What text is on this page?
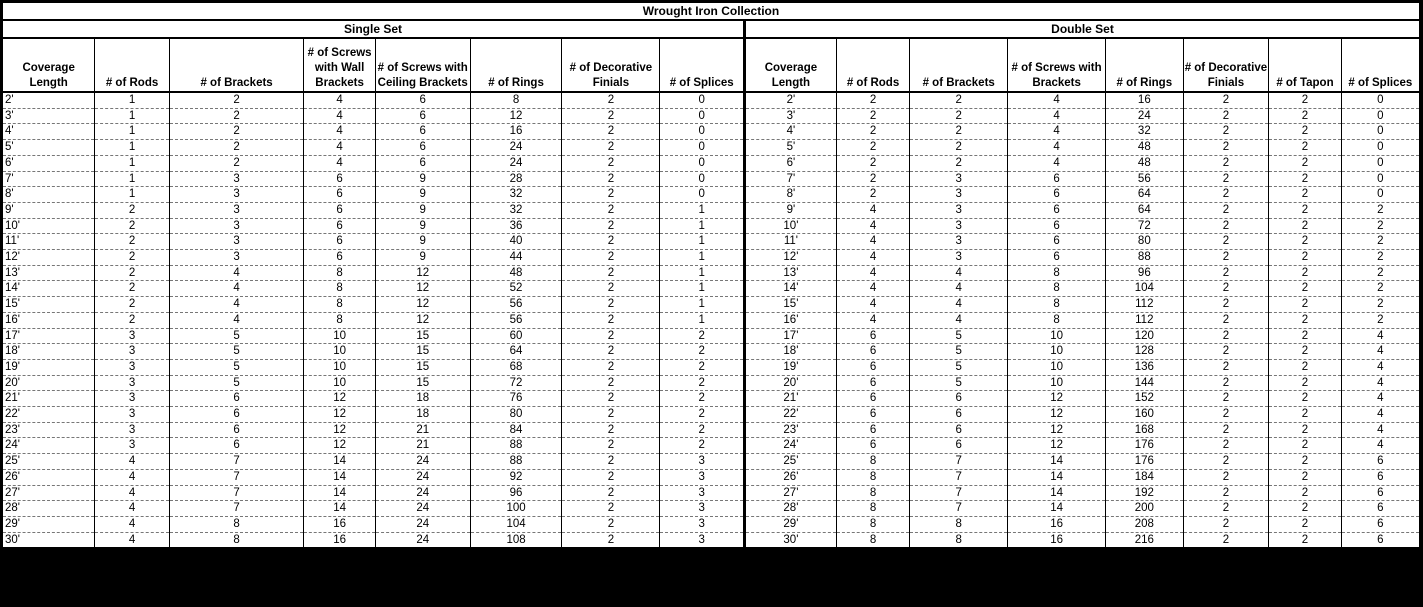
Wrought Iron Collection															
Single Set								Double Set							
Coverage Length	# of Rods	# of Brackets	# of Screws with Wall Brackets	# of Screws with Ceiling Brackets	# of Rings	# of Decorative Finials	# of Splices	Coverage Length	# of Rods	# of Brackets	# of Screws with Brackets	# of Rings	# of Decorative Finials	# of Tapon	# of Splices
2'	1	2	4	6	8	2	0	2'	2	2	4	16	2	2	0
3'	1	2	4	6	12	2	0	3'	2	2	4	24	2	2	0
4'	1	2	4	6	16	2	0	4'	2	2	4	32	2	2	0
5'	1	2	4	6	24	2	0	5'	2	2	4	48	2	2	0
6'	1	2	4	6	24	2	0	6'	2	2	4	48	2	2	0
7'	1	3	6	9	28	2	0	7'	2	3	6	56	2	2	0
8'	1	3	6	9	32	2	0	8'	2	3	6	64	2	2	0
9'	2	3	6	9	32	2	1	9'	4	3	6	64	2	2	2
10'	2	3	6	9	36	2	1	10'	4	3	6	72	2	2	2
11'	2	3	6	9	40	2	1	11'	4	3	6	80	2	2	2
12'	2	3	6	9	44	2	1	12'	4	3	6	88	2	2	2
13'	2	4	8	12	48	2	1	13'	4	4	8	96	2	2	2
14'	2	4	8	12	52	2	1	14'	4	4	8	104	2	2	2
15'	2	4	8	12	56	2	1	15'	4	4	8	112	2	2	2
16'	2	4	8	12	56	2	1	16'	4	4	8	112	2	2	2
17'	3	5	10	15	60	2	2	17'	6	5	10	120	2	2	4
18'	3	5	10	15	64	2	2	18'	6	5	10	128	2	2	4
19'	3	5	10	15	68	2	2	19'	6	5	10	136	2	2	4
20'	3	5	10	15	72	2	2	20'	6	5	10	144	2	2	4
21'	3	6	12	18	76	2	2	21'	6	6	12	152	2	2	4
22'	3	6	12	18	80	2	2	22'	6	6	12	160	2	2	4
23'	3	6	12	21	84	2	2	23'	6	6	12	168	2	2	4
24'	3	6	12	21	88	2	2	24'	6	6	12	176	2	2	4
25'	4	7	14	24	88	2	3	25'	8	7	14	176	2	2	6
26'	4	7	14	24	92	2	3	26'	8	7	14	184	2	2	6
27'	4	7	14	24	96	2	3	27'	8	7	14	192	2	2	6
28'	4	7	14	24	100	2	3	28'	8	7	14	200	2	2	6
29'	4	8	16	24	104	2	3	29'	8	8	16	208	2	2	6
30'	4	8	16	24	108	2	3	30'	8	8	16	216	2	2	6
